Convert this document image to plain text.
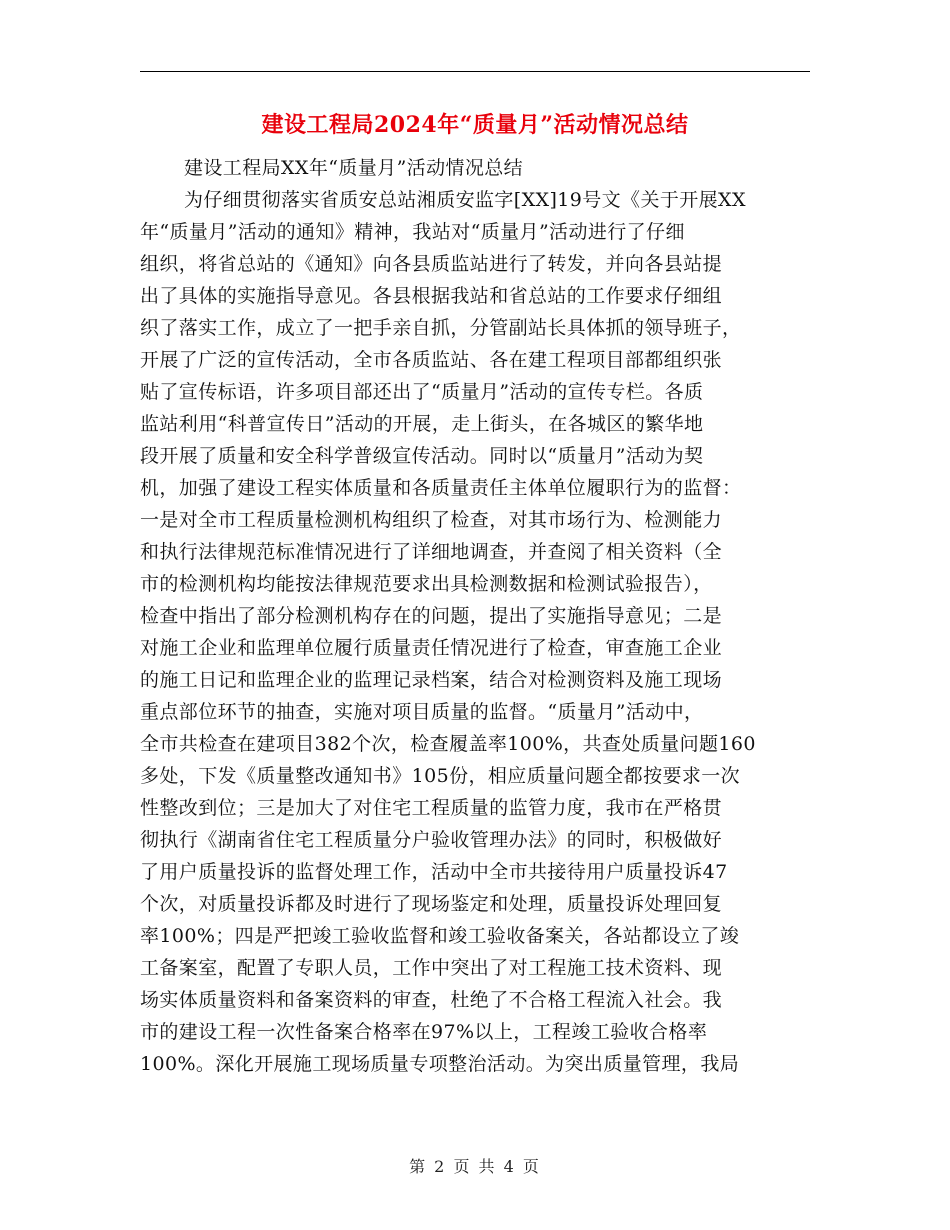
建设工程局2024年“质量月”活动情况总结
建设工程局XX年“质量月”活动情况总结
为仔细贯彻落实省质安总站湘质安监字[XX]19号文《关于开展XX
年“质量月”活动的通知》精神，我站对“质量月”活动进行了仔细
组织，将省总站的《通知》向各县质监站进行了转发，并向各县站提
出了具体的实施指导意见。各县根据我站和省总站的工作要求仔细组
织了落实工作，成立了一把手亲自抓，分管副站长具体抓的领导班子，
开展了广泛的宣传活动，全市各质监站、各在建工程项目部都组织张
贴了宣传标语，许多项目部还出了“质量月”活动的宣传专栏。各质
监站利用“科普宣传日”活动的开展，走上街头，在各城区的繁华地
段开展了质量和安全科学普级宣传活动。同时以“质量月”活动为契
机，加强了建设工程实体质量和各质量责任主体单位履职行为的监督：
一是对全市工程质量检测机构组织了检查，对其市场行为、检测能力
和执行法律规范标准情况进行了详细地调查，并查阅了相关资料（全
市的检测机构均能按法律规范要求出具检测数据和检测试验报告），
检查中指出了部分检测机构存在的问题，提出了实施指导意见；二是
对施工企业和监理单位履行质量责任情况进行了检查，审查施工企业
的施工日记和监理企业的监理记录档案，结合对检测资料及施工现场
重点部位环节的抽查，实施对项目质量的监督。“质量月”活动中，
全市共检查在建项目382个次，检查履盖率100%，共查处质量问题160
多处，下发《质量整改通知书》105份，相应质量问题全都按要求一次
性整改到位；三是加大了对住宅工程质量的监管力度，我市在严格贯
彻执行《湖南省住宅工程质量分户验收管理办法》的同时，积极做好
了用户质量投诉的监督处理工作，活动中全市共接待用户质量投诉47
个次，对质量投诉都及时进行了现场鉴定和处理，质量投诉处理回复
率100%；四是严把竣工验收监督和竣工验收备案关，各站都设立了竣
工备案室，配置了专职人员，工作中突出了对工程施工技术资料、现
场实体质量资料和备案资料的审查，杜绝了不合格工程流入社会。我
市的建设工程一次性备案合格率在97%以上，工程竣工验收合格率
100%。深化开展施工现场质量专项整治活动。为突出质量管理，我局
第 2 页 共 4 页
